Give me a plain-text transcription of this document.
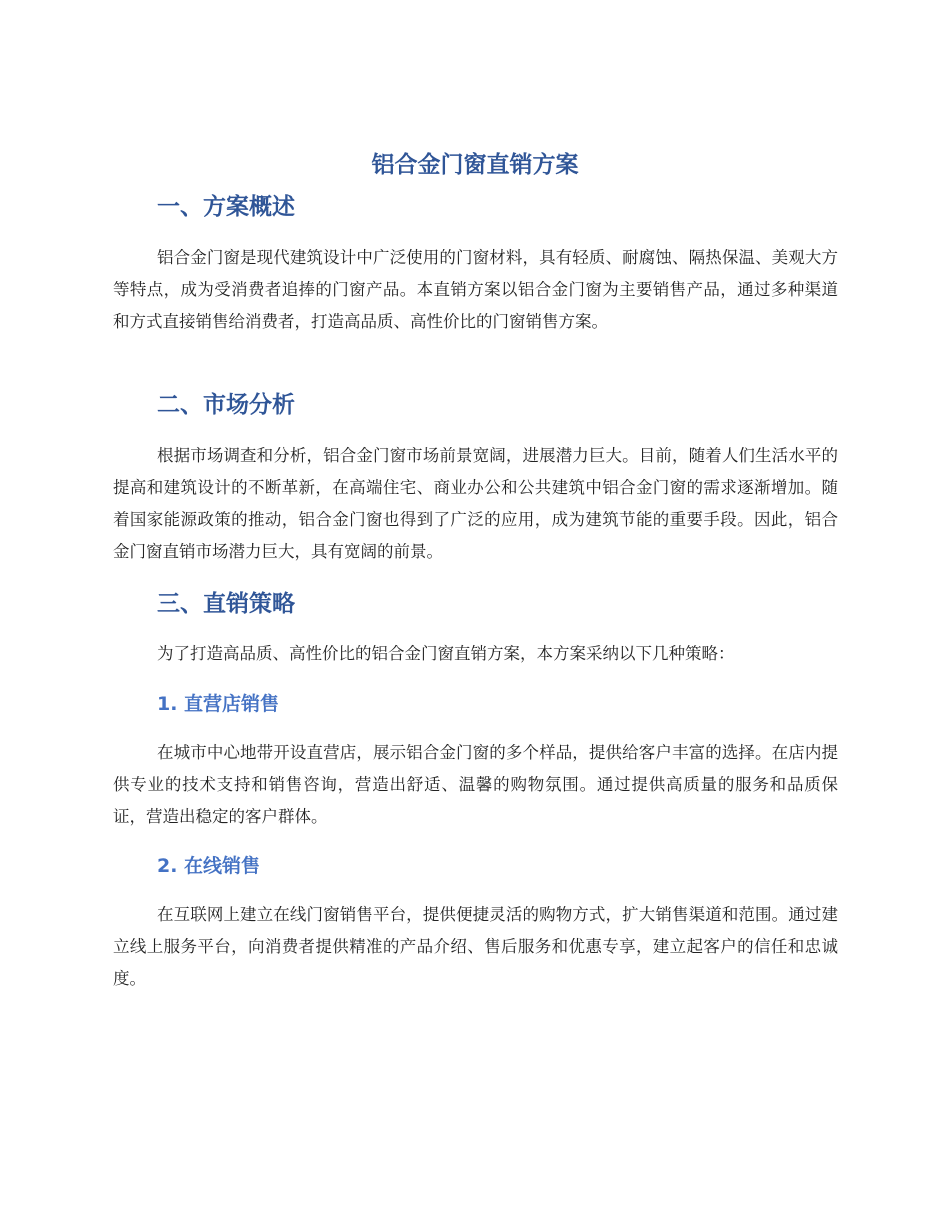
铝合金门窗直销方案
一、方案概述
铝合金门窗是现代建筑设计中广泛使用的门窗材料，具有轻质、耐腐蚀、隔热保温、美观大方等特点，成为受消费者追捧的门窗产品。本直销方案以铝合金门窗为主要销售产品，通过多种渠道和方式直接销售给消费者，打造高品质、高性价比的门窗销售方案。
二、市场分析
根据市场调查和分析，铝合金门窗市场前景宽阔，进展潜力巨大。目前，随着人们生活水平的提高和建筑设计的不断革新，在高端住宅、商业办公和公共建筑中铝合金门窗的需求逐渐增加。随着国家能源政策的推动，铝合金门窗也得到了广泛的应用，成为建筑节能的重要手段。因此，铝合金门窗直销市场潜力巨大，具有宽阔的前景。
三、直销策略
为了打造高品质、高性价比的铝合金门窗直销方案，本方案采纳以下几种策略：
1. 直营店销售
在城市中心地带开设直营店，展示铝合金门窗的多个样品，提供给客户丰富的选择。在店内提供专业的技术支持和销售咨询，营造出舒适、温馨的购物氛围。通过提供高质量的服务和品质保证，营造出稳定的客户群体。
2. 在线销售
在互联网上建立在线门窗销售平台，提供便捷灵活的购物方式，扩大销售渠道和范围。通过建立线上服务平台，向消费者提供精准的产品介绍、售后服务和优惠专享，建立起客户的信任和忠诚度。
